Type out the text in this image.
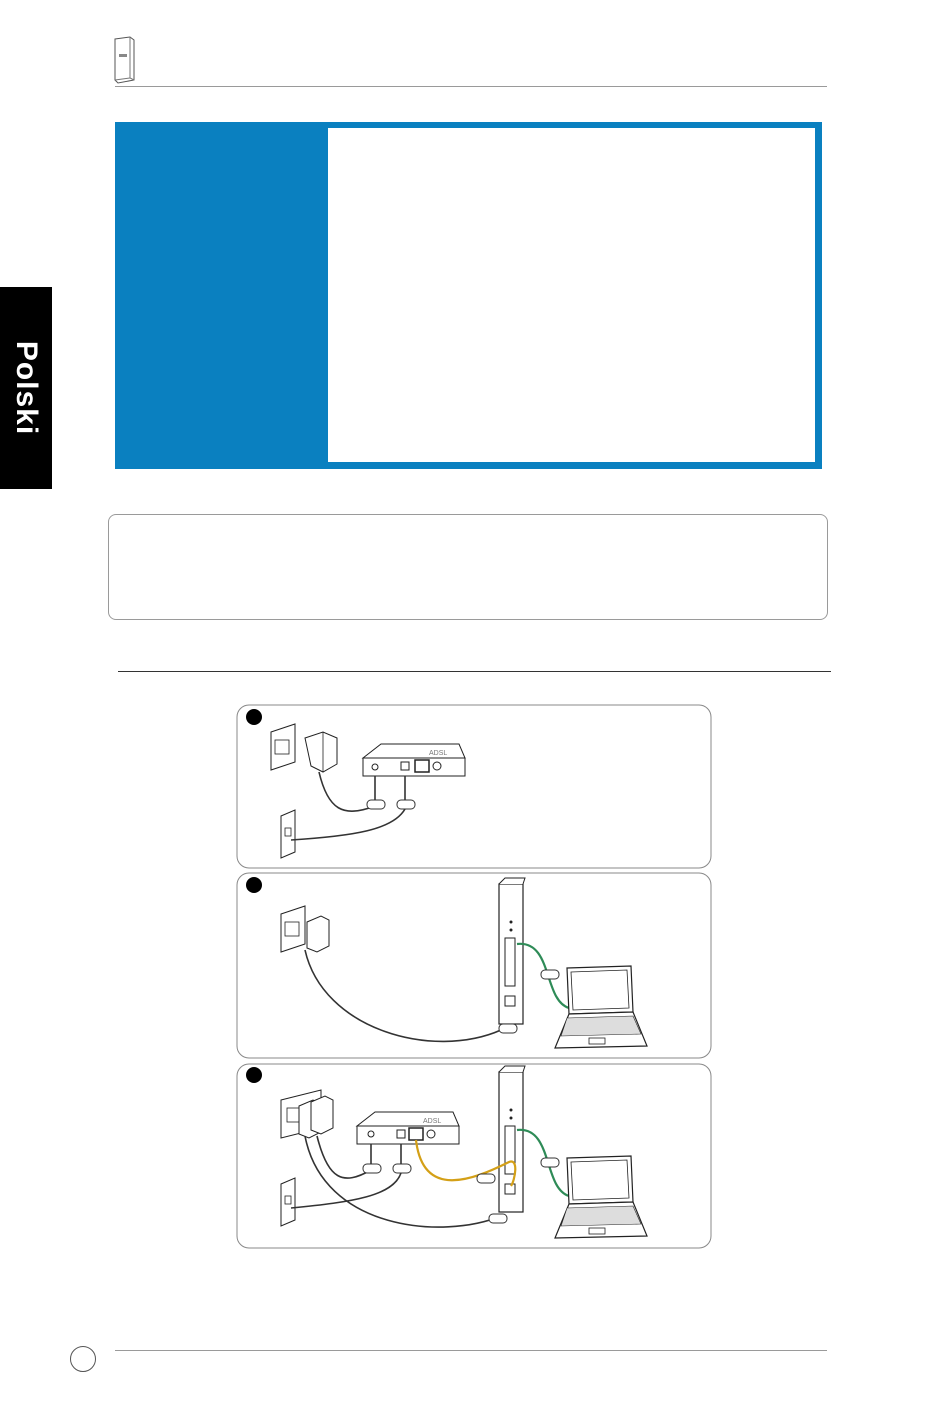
Polski
ADSL
ADSL
